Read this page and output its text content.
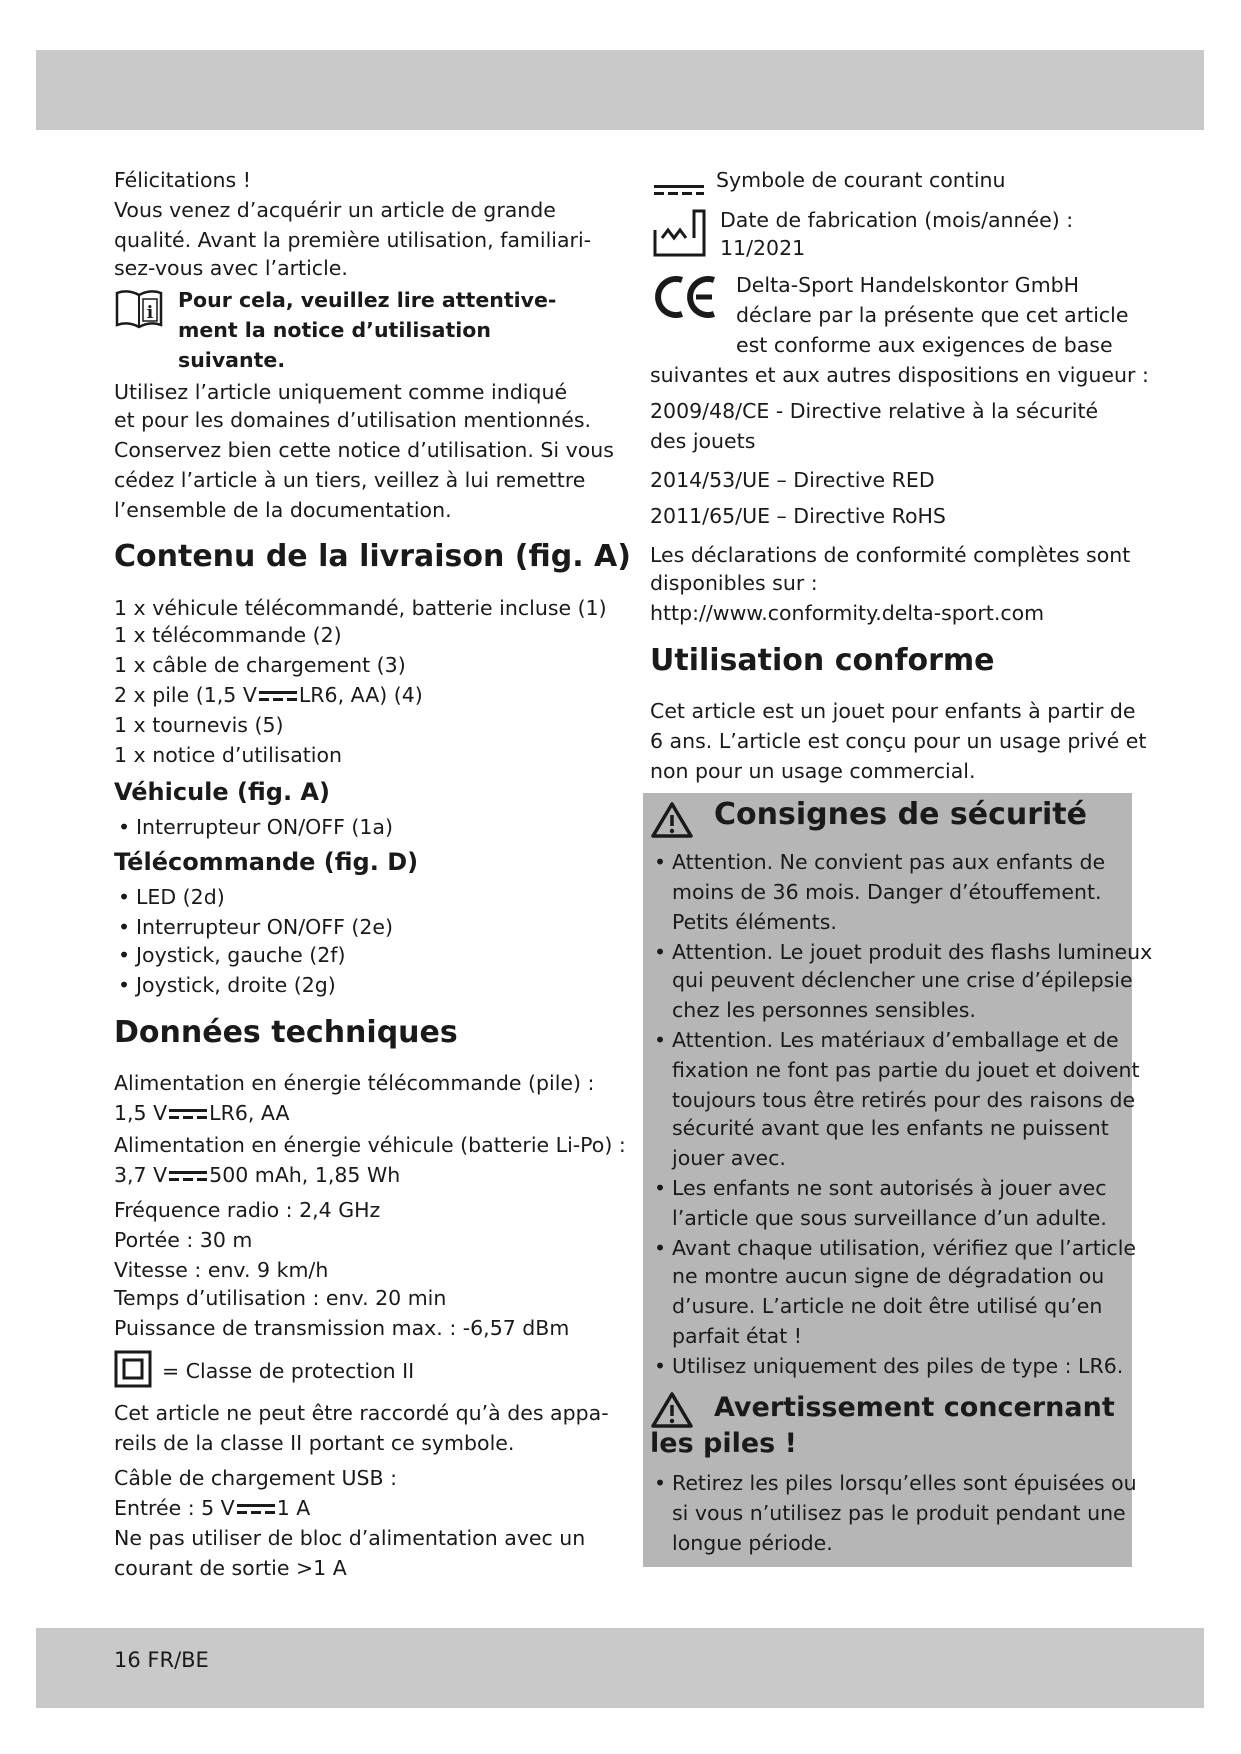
16 FR/BE
Félicitations !
Vous venez d’acquérir un article de grande
qualité. Avant la première utilisation, familiari-
sez-vous avec l’article.
i
Pour cela, veuillez lire attentive-
ment la notice d’utilisation
suivante.
Utilisez l’article uniquement comme indiqué
et pour les domaines d’utilisation mentionnés.
Conservez bien cette notice d’utilisation. Si vous
cédez l’article à un tiers, veillez à lui remettre
l’ensemble de la documentation.
Contenu de la livraison (fig. A)
1 x véhicule télécommandé, batterie incluse (1)
1 x télécommande (2)
1 x câble de chargement (3)
2 x pile (1,5 V LR6, AA) (4)
1 x tournevis (5)
1 x notice d’utilisation
Véhicule (fig. A)
• Interrupteur ON/OFF (1a)
Télécommande (fig. D)
• LED (2d)
• Interrupteur ON/OFF (2e)
• Joystick, gauche (2f)
• Joystick, droite (2g)
Données techniques
Alimentation en énergie télécommande (pile) :
1,5 V LR6, AA
Alimentation en énergie véhicule (batterie Li-Po) :
3,7 V 500 mAh, 1,85 Wh
Fréquence radio : 2,4 GHz
Portée : 30 m
Vitesse : env. 9 km/h
Temps d’utilisation : env. 20 min
Puissance de transmission max. : -6,57 dBm
= Classe de protection II
Cet article ne peut être raccordé qu’à des appa-
reils de la classe II portant ce symbole.
Câble de chargement USB :
Entrée : 5 V 1 A
Ne pas utiliser de bloc d’alimentation avec un
courant de sortie >1 A
Symbole de courant continu
Date de fabrication (mois/année) :
11/2021
Delta-Sport Handelskontor GmbH
déclare par la présente que cet article
est conforme aux exigences de base
suivantes et aux autres dispositions en vigueur :
2009/48/CE - Directive relative à la sécurité
des jouets
2014/53/UE – Directive RED
2011/65/UE – Directive RoHS
Les déclarations de conformité complètes sont
disponibles sur :
http://www.conformity.delta-sport.com
Utilisation conforme
Cet article est un jouet pour enfants à partir de
6 ans. L’article est conçu pour un usage privé et
non pour un usage commercial.
Consignes de sécurité
• Attention. Ne convient pas aux enfants de
moins de 36 mois. Danger d’étouffement.
Petits éléments.
• Attention. Le jouet produit des flashs lumineux
qui peuvent déclencher une crise d’épilepsie
chez les personnes sensibles.
• Attention. Les matériaux d’emballage et de
fixation ne font pas partie du jouet et doivent
toujours tous être retirés pour des raisons de
sécurité avant que les enfants ne puissent
jouer avec.
• Les enfants ne sont autorisés à jouer avec
l’article que sous surveillance d’un adulte.
• Avant chaque utilisation, vérifiez que l’article
ne montre aucun signe de dégradation ou
d’usure. L’article ne doit être utilisé qu’en
parfait état !
• Utilisez uniquement des piles de type : LR6.
Avertissement concernant
les piles !
• Retirez les piles lorsqu’elles sont épuisées ou
si vous n’utilisez pas le produit pendant une
longue période.
